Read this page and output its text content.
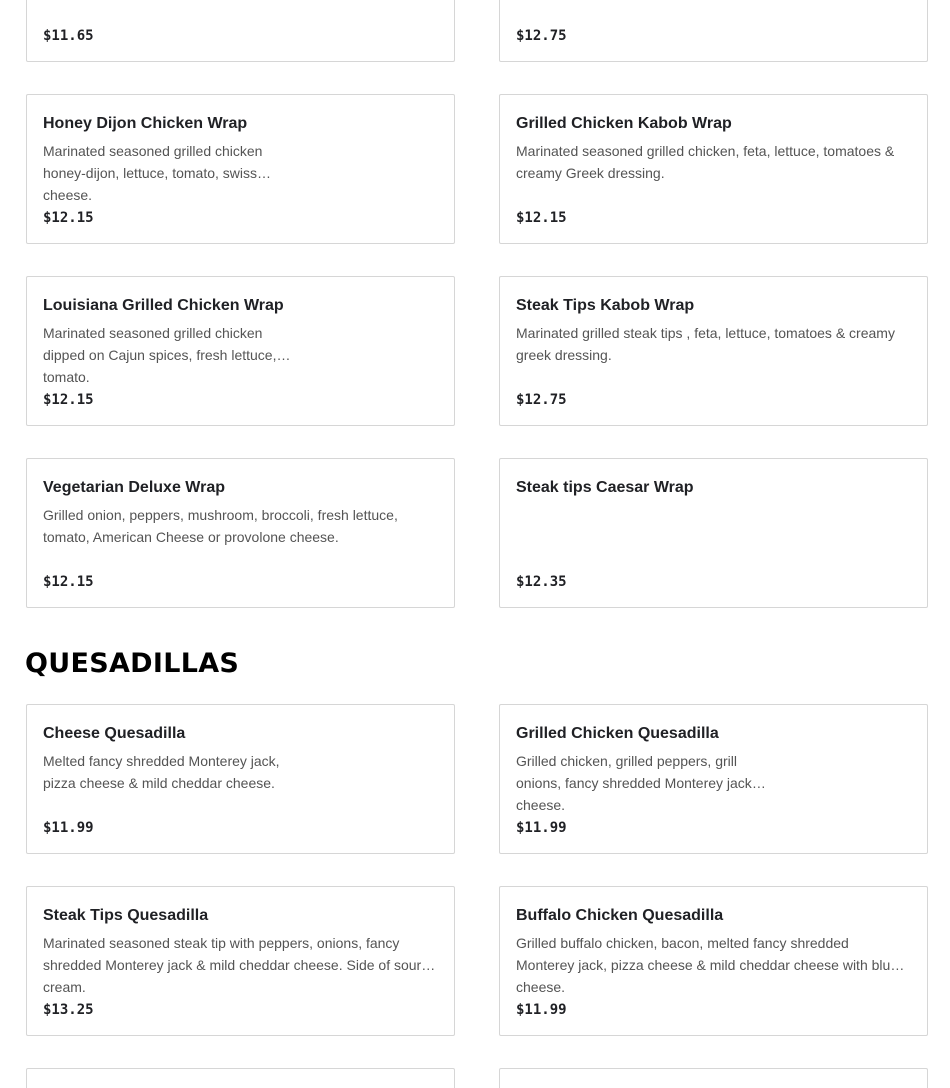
$11.65	$12.75
Honey Dijon Chicken Wrap
Marinated seasoned grilled chicken honey-dijon, lettuce, tomato, swiss cheese.
$12.15
Grilled Chicken Kabob Wrap
Marinated seasoned grilled chicken, feta, lettuce, tomatoes & creamy Greek dressing.
$12.15
Louisiana Grilled Chicken Wrap
Marinated seasoned grilled chicken dipped on Cajun spices, fresh lettuce, tomato.
$12.15
Steak Tips Kabob Wrap
Marinated grilled steak tips , feta, lettuce, tomatoes & creamy greek dressing.
$12.75
Vegetarian Deluxe Wrap
Grilled onion, peppers, mushroom, broccoli, fresh lettuce, tomato, American Cheese or provolone cheese.
$12.15
Steak tips Caesar Wrap
$12.35
QUESADILLAS
Cheese Quesadilla
Melted fancy shredded Monterey jack, pizza cheese & mild cheddar cheese.
$11.99
Grilled Chicken Quesadilla
Grilled chicken, grilled peppers, grill onions, fancy shredded Monterey jack cheese.
$11.99
Steak Tips Quesadilla
Marinated seasoned steak tip with peppers, onions, fancy shredded Monterey jack & mild cheddar cheese. Side of sour cream.
$13.25
Buffalo Chicken Quesadilla
Grilled buffalo chicken, bacon, melted fancy shredded Monterey jack, pizza cheese & mild cheddar cheese with blue cheese.
$11.99
